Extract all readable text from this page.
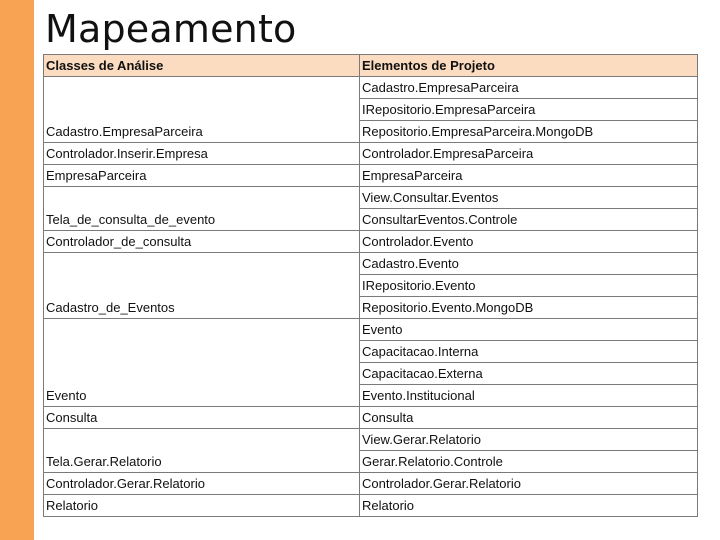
Mapeamento
Classes de Análise	Elementos de Projeto
Cadastro.EmpresaParceira	Cadastro.EmpresaParceira
	IRepositorio.EmpresaParceira
	Repositorio.EmpresaParceira.MongoDB
Controlador.Inserir.Empresa	Controlador.EmpresaParceira
EmpresaParceira	EmpresaParceira
Tela_de_consulta_de_evento	View.Consultar.Eventos
	ConsultarEventos.Controle
Controlador_de_consulta	Controlador.Evento
Cadastro_de_Eventos	Cadastro.Evento
	IRepositorio.Evento
	Repositorio.Evento.MongoDB
Evento	Evento
	Capacitacao.Interna
	Capacitacao.Externa
	Evento.Institucional
Consulta	Consulta
Tela.Gerar.Relatorio	View.Gerar.Relatorio
	Gerar.Relatorio.Controle
Controlador.Gerar.Relatorio	Controlador.Gerar.Relatorio
Relatorio	Relatorio
